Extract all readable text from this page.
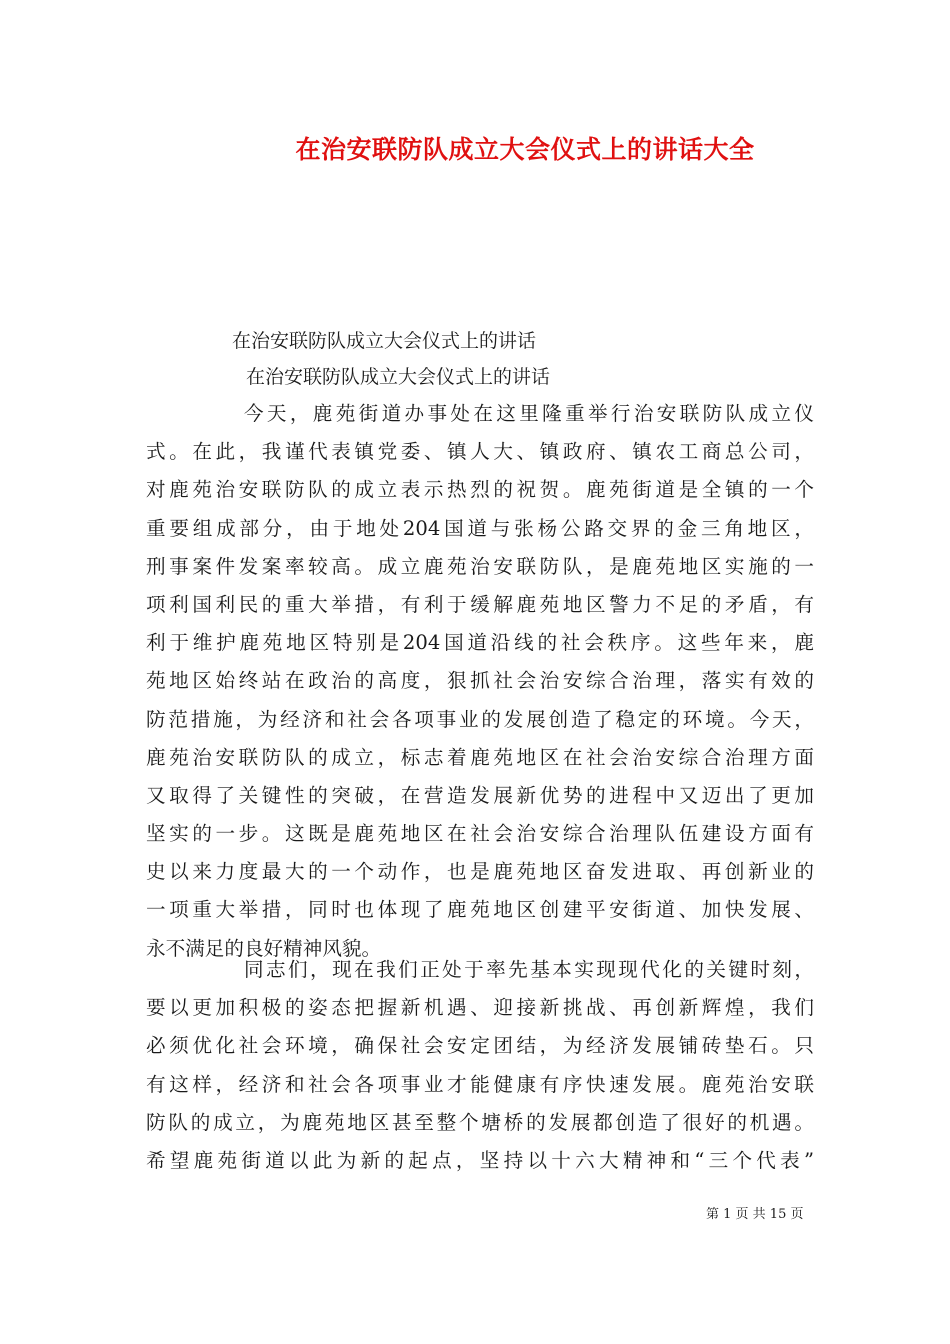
在治安联防队成立大会仪式上的讲话大全
在治安联防队成立大会仪式上的讲话
在治安联防队成立大会仪式上的讲话
今天，鹿苑街道办事处在这里隆重举行治安联防队成立仪
式。在此，我谨代表镇党委、镇人大、镇政府、镇农工商总公司，
对鹿苑治安联防队的成立表示热烈的祝贺。鹿苑街道是全镇的一个
重要组成部分，由于地处204国道与张杨公路交界的金三角地区，
刑事案件发案率较高。成立鹿苑治安联防队，是鹿苑地区实施的一
项利国利民的重大举措，有利于缓解鹿苑地区警力不足的矛盾，有
利于维护鹿苑地区特别是204国道沿线的社会秩序。这些年来，鹿
苑地区始终站在政治的高度，狠抓社会治安综合治理，落实有效的
防范措施，为经济和社会各项事业的发展创造了稳定的环境。今天，
鹿苑治安联防队的成立，标志着鹿苑地区在社会治安综合治理方面
又取得了关键性的突破，在营造发展新优势的进程中又迈出了更加
坚实的一步。这既是鹿苑地区在社会治安综合治理队伍建设方面有
史以来力度最大的一个动作，也是鹿苑地区奋发进取、再创新业的
一项重大举措，同时也体现了鹿苑地区创建平安街道、加快发展、
永不满足的良好精神风貌。
同志们，现在我们正处于率先基本实现现代化的关键时刻，
要以更加积极的姿态把握新机遇、迎接新挑战、再创新辉煌，我们
必须优化社会环境，确保社会安定团结，为经济发展铺砖垫石。只
有这样，经济和社会各项事业才能健康有序快速发展。鹿苑治安联
防队的成立，为鹿苑地区甚至整个塘桥的发展都创造了很好的机遇。
希望鹿苑街道以此为新的起点，坚持以十六大精神和“三个代表”
第 1 页 共 15 页
